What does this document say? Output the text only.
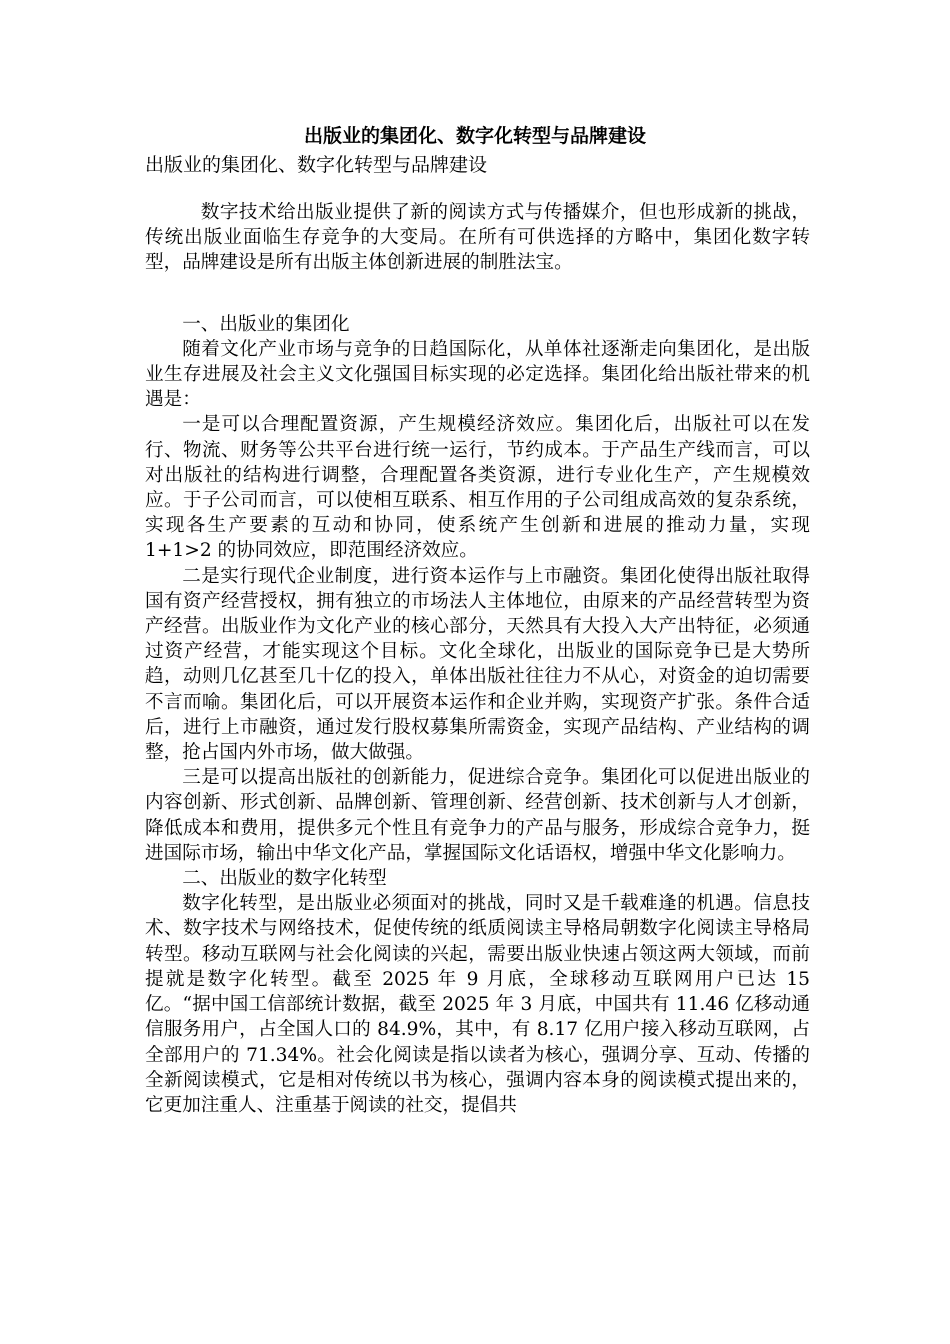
出版业的集团化、数字化转型与品牌建设

出版业的集团化、数字化转型与品牌建设

数字技术给出版业提供了新的阅读方式与传播媒介，但也形成新的挑战，传统出版业面临生存竞争的大变局。在所有可供选择的方略中，集团化数字转型，品牌建设是所有出版主体创新进展的制胜法宝。

一、出版业的集团化

随着文化产业市场与竞争的日趋国际化，从单体社逐渐走向集团化，是出版业生存进展及社会主义文化强国目标实现的必定选择。集团化给出版社带来的机遇是：

一是可以合理配置资源，产生规模经济效应。集团化后，出版社可以在发行、物流、财务等公共平台进行统一运行，节约成本。于产品生产线而言，可以对出版社的结构进行调整，合理配置各类资源，进行专业化生产，产生规模效应。于子公司而言，可以使相互联系、相互作用的子公司组成高效的复杂系统，实现各生产要素的互动和协同，使系统产生创新和进展的推动力量，实现 1+1>2 的协同效应，即范围经济效应。

二是实行现代企业制度，进行资本运作与上市融资。集团化使得出版社取得国有资产经营授权，拥有独立的市场法人主体地位，由原来的产品经营转型为资产经营。出版业作为文化产业的核心部分，天然具有大投入大产出特征，必须通过资产经营，才能实现这个目标。文化全球化，出版业的国际竞争已是大势所趋，动则几亿甚至几十亿的投入，单体出版社往往力不从心，对资金的迫切需要不言而喻。集团化后，可以开展资本运作和企业并购，实现资产扩张。条件合适后，进行上市融资，通过发行股权募集所需资金，实现产品结构、产业结构的调整，抢占国内外市场，做大做强。

三是可以提高出版社的创新能力，促进综合竞争。集团化可以促进出版业的内容创新、形式创新、品牌创新、管理创新、经营创新、技术创新与人才创新，降低成本和费用，提供多元个性且有竞争力的产品与服务，形成综合竞争力，挺进国际市场，输出中华文化产品，掌握国际文化话语权，增强中华文化影响力。

二、出版业的数字化转型

数字化转型，是出版业必须面对的挑战，同时又是千载难逢的机遇。信息技术、数字技术与网络技术，促使传统的纸质阅读主导格局朝数字化阅读主导格局转型。移动互联网与社会化阅读的兴起，需要出版业快速占领这两大领域，而前提就是数字化转型。截至 2025 年 9 月底，全球移动互联网用户已达 15 亿。“据中国工信部统计数据，截至 2025 年 3 月底，中国共有 11.46 亿移动通信服务用户，占全国人口的 84.9%，其中，有 8.17 亿用户接入移动互联网，占全部用户的 71.34%。社会化阅读是指以读者为核心，强调分享、互动、传播的全新阅读模式，它是相对传统以书为核心，强调内容本身的阅读模式提出来的，它更加注重人、注重基于阅读的社交，提倡共
